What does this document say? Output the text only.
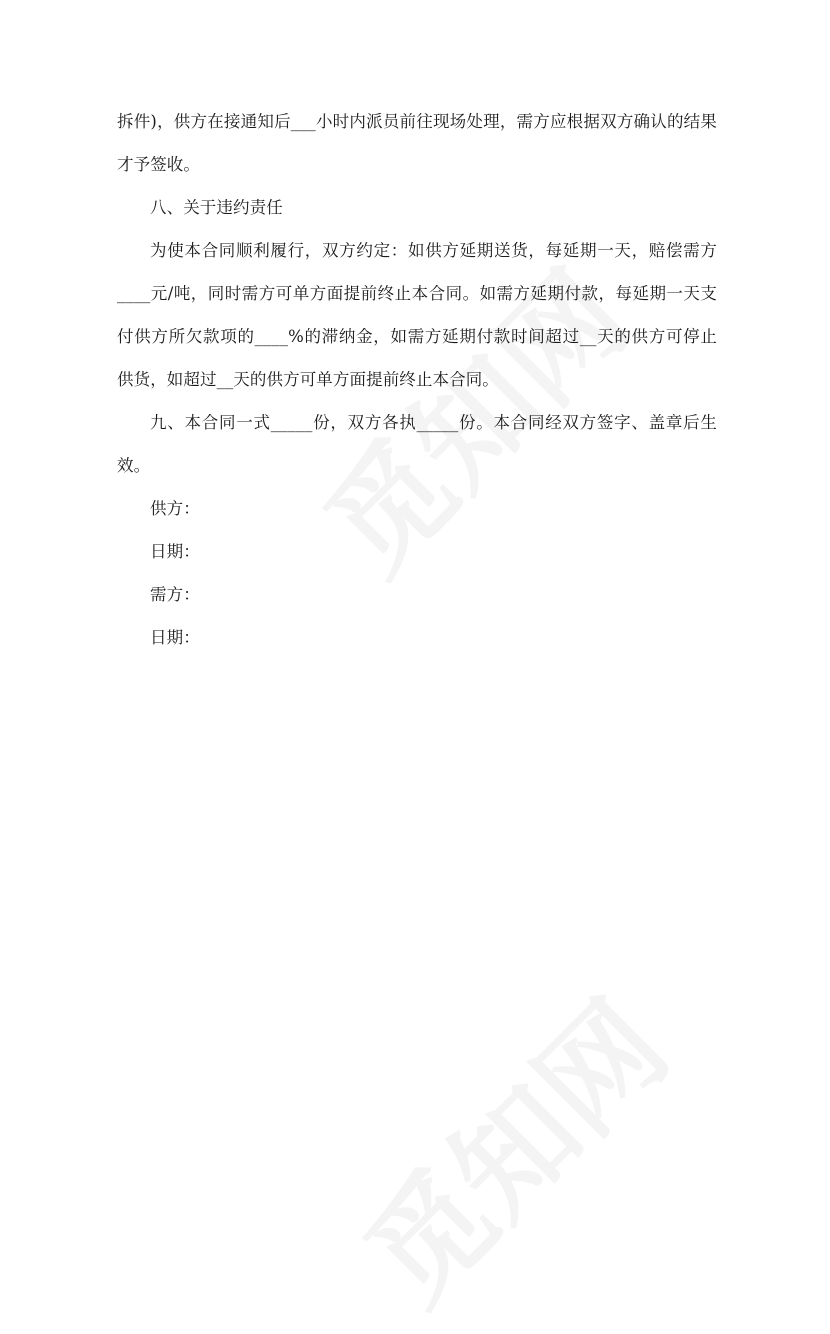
拆件)，供方在接通知后___小时内派员前往现场处理，需方应根据双方确认的结果
才予签收。
八、关于违约责任
为使本合同顺利履行，双方约定：如供方延期送货，每延期一天，赔偿需方
____元/吨，同时需方可单方面提前终止本合同。如需方延期付款，每延期一天支
付供方所欠款项的____%的滞纳金，如需方延期付款时间超过__天的供方可停止
供货，如超过__天的供方可单方面提前终止本合同。
九、本合同一式_____份，双方各执_____份。本合同经双方签字、盖章后生
效。
供方：
日期：
需方：
日期：
